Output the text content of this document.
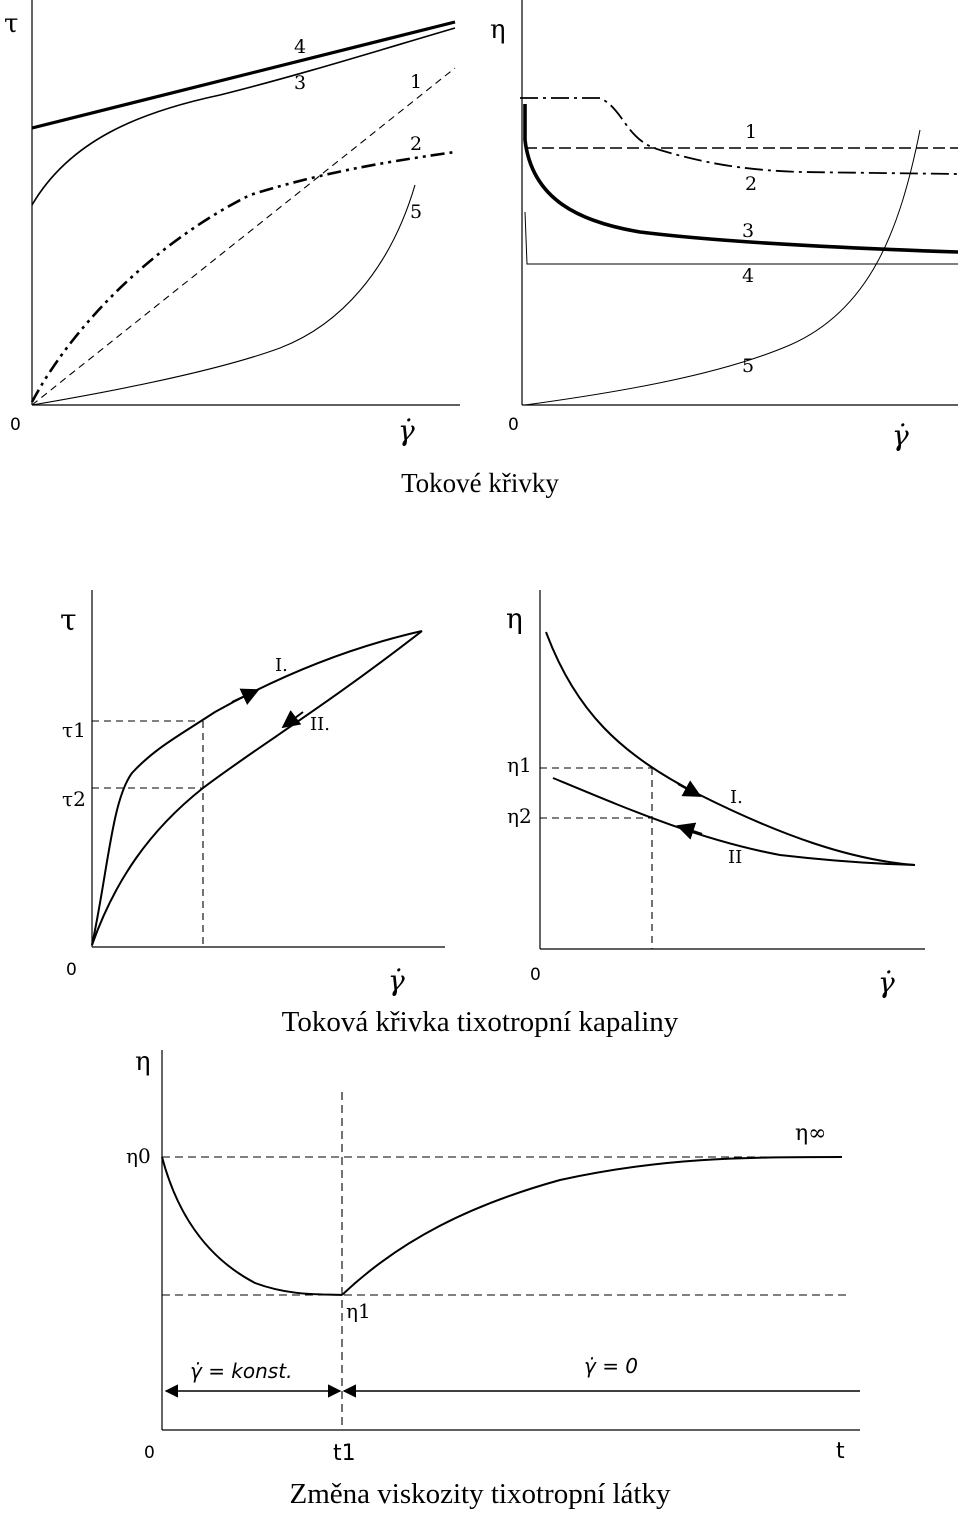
τ
0	γ̇
4
3	1
2
5
η
0	γ̇
1
2
3
4
5
τ
0	γ̇
τ1
τ2
I.
II.
η
0	γ̇
η1
η2
I.
II
η
0	t
η0
η∞
η1
t1
γ̇ = konst.	γ̇ = 0
Tokové křivky
Toková křivka tixotropní kapaliny
Změna viskozity tixotropní látky
